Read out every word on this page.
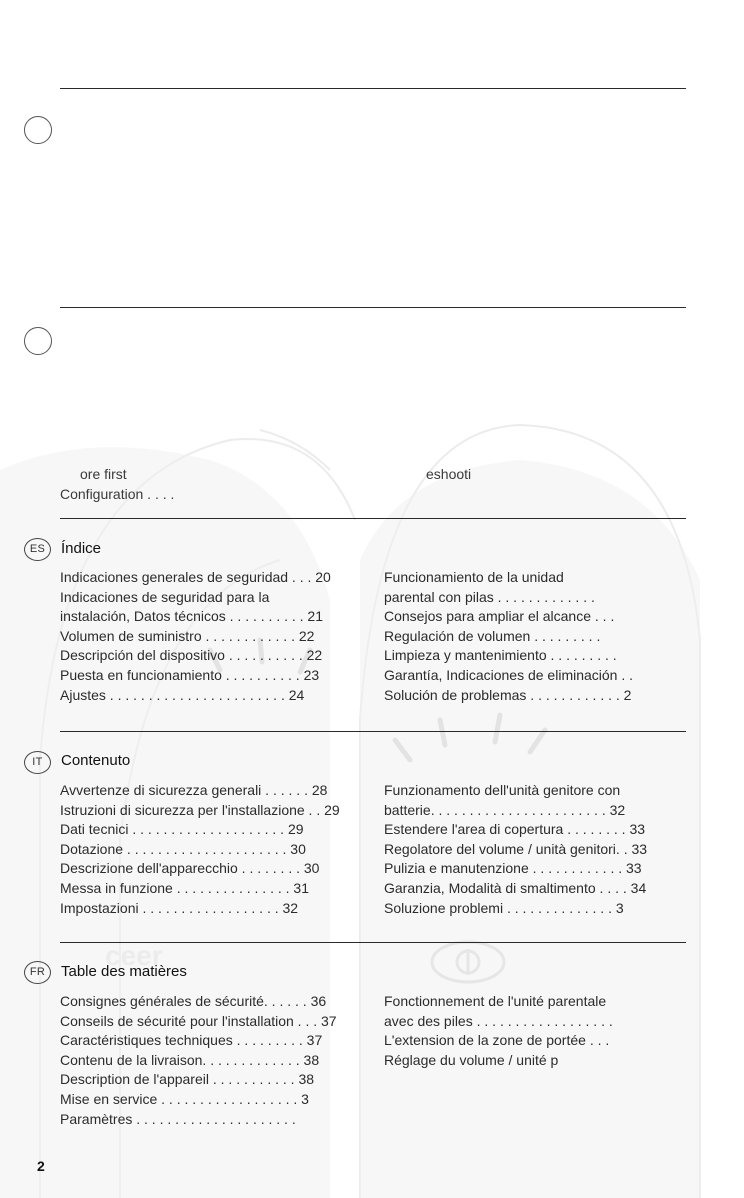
ceer
ore first
Configuration . . . .
eshooti
ES	Índice
Indicaciones generales de seguridad . . . 20
Indicaciones de seguridad para la
instalación, Datos técnicos . . . . . . . . . . 21
Volumen de suministro . . . . . . . . . . . . 22
Descripción del dispositivo . . . . . . . . . . 22
Puesta en funcionamiento . . . . . . . . . . 23
Ajustes . . . . . . . . . . . . . . . . . . . . . . . 24
Funcionamiento de la unidad
parental con pilas . . . . . . . . . . . . .
Consejos para ampliar el alcance . . .
Regulación de volumen . . . . . . . . .
Limpieza y mantenimiento . . . . . . . . .
Garantía, Indicaciones de eliminación . .
Solución de problemas . . . . . . . . . . . . 2
IT	Contenuto
Avvertenze di sicurezza generali . . . . . . 28
Istruzioni di sicurezza per l'installazione . . 29
Dati tecnici . . . . . . . . . . . . . . . . . . . . 29
Dotazione . . . . . . . . . . . . . . . . . . . . . 30
Descrizione dell'apparecchio . . . . . . . . 30
Messa in funzione . . . . . . . . . . . . . . . 31
Impostazioni . . . . . . . . . . . . . . . . . . 32
Funzionamento dell'unità genitore con
batterie. . . . . . . . . . . . . . . . . . . . . . . 32
Estendere l'area di copertura . . . . . . . . 33
Regolatore del volume / unità genitori. . 33
Pulizia e manutenzione . . . . . . . . . . . . 33
Garanzia, Modalità di smaltimento . . . . 34
Soluzione problemi . . . . . . . . . . . . . . 3
FR	Table des matières
Consignes générales de sécurité. . . . . . 36
Conseils de sécurité pour l'installation . . . 37
Caractéristiques techniques . . . . . . . . . 37
Contenu de la livraison. . . . . . . . . . . . . 38
Description de l'appareil . . . . . . . . . . . 38
Mise en service . . . . . . . . . . . . . . . . . . 3
Paramètres . . . . . . . . . . . . . . . . . . . . .
Fonctionnement de l'unité parentale
avec des piles . . . . . . . . . . . . . . . . . .
L'extension de la zone de portée . . .
Réglage du volume / unité p
2
